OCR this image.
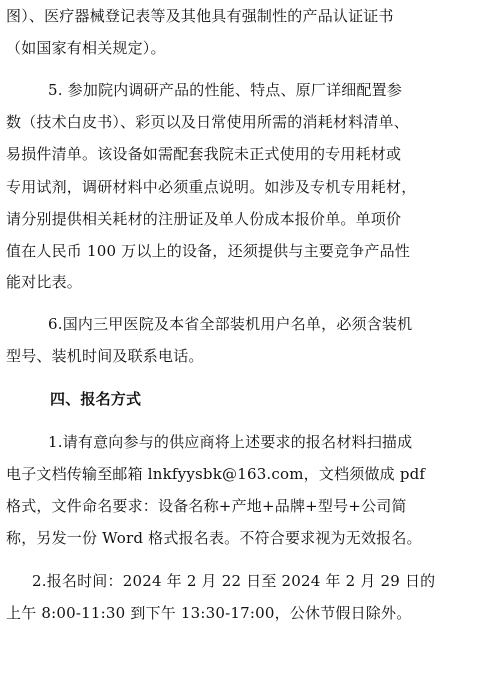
图）、医疗器械登记表等及其他具有强制性的产品认证证书
（如国家有相关规定）。
5. 参加院内调研产品的性能、特点、原厂详细配置参
数（技术白皮书）、彩页以及日常使用所需的消耗材料清单、
易损件清单。该设备如需配套我院未正式使用的专用耗材或
专用试剂，调研材料中必须重点说明。如涉及专机专用耗材，
请分别提供相关耗材的注册证及单人份成本报价单。单项价
值在人民币 100 万以上的设备，还须提供与主要竞争产品性
能对比表。
6.国内三甲医院及本省全部装机用户名单，必须含装机
型号、装机时间及联系电话。
四、报名方式
1.请有意向参与的供应商将上述要求的报名材料扫描成
电子文档传输至邮箱 lnkfyysbk@163.com，文档须做成 pdf
格式，文件命名要求：设备名称+产地+品牌+型号+公司简
称，另发一份 Word 格式报名表。不符合要求视为无效报名。
2.报名时间：2024 年 2 月 22 日至 2024 年 2 月 29 日的
上午 8:00-11:30 到下午 13:30-17:00，公休节假日除外。
